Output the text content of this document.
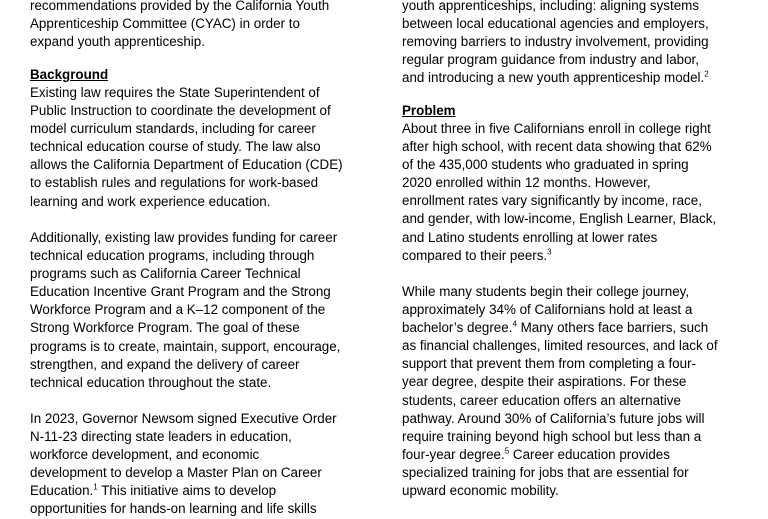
recommendations provided by the California Youth
Apprenticeship Committee (CYAC) in order to
expand youth apprenticeship.

Background

Existing law requires the State Superintendent of
Public Instruction to coordinate the development of
model curriculum standards, including for career
technical education course of study. The law also
allows the California Department of Education (CDE)
to establish rules and regulations for work-based
learning and work experience education.

Additionally, existing law provides funding for career
technical education programs, including through
programs such as California Career Technical
Education Incentive Grant Program and the Strong
Workforce Program and a K–12 component of the
Strong Workforce Program. The goal of these
programs is to create, maintain, support, encourage,
strengthen, and expand the delivery of career
technical education throughout the state.

In 2023, Governor Newsom signed Executive Order
N-11-23 directing state leaders in education,
workforce development, and economic
development to develop a Master Plan on Career
Education.$^1$ This initiative aims to develop
opportunities for hands-on learning and life skills

youth apprenticeships, including: aligning systems
between local educational agencies and employers,
removing barriers to industry involvement, providing
regular program guidance from industry and labor,
and introducing a new youth apprenticeship model.$^2$

Problem

About three in five Californians enroll in college right
after high school, with recent data showing that 62%
of the 435,000 students who graduated in spring
2020 enrolled within 12 months. However,
enrollment rates vary significantly by income, race,
and gender, with low-income, English Learner, Black,
and Latino students enrolling at lower rates
compared to their peers.$^3$

While many students begin their college journey,
approximately 34% of Californians hold at least a
bachelor’s degree.$^4$ Many others face barriers, such
as financial challenges, limited resources, and lack of
support that prevent them from completing a four-
year degree, despite their aspirations. For these
students, career education offers an alternative
pathway. Around 30% of California’s future jobs will
require training beyond high school but less than a
four-year degree.$^5$ Career education provides
specialized training for jobs that are essential for
upward economic mobility.
